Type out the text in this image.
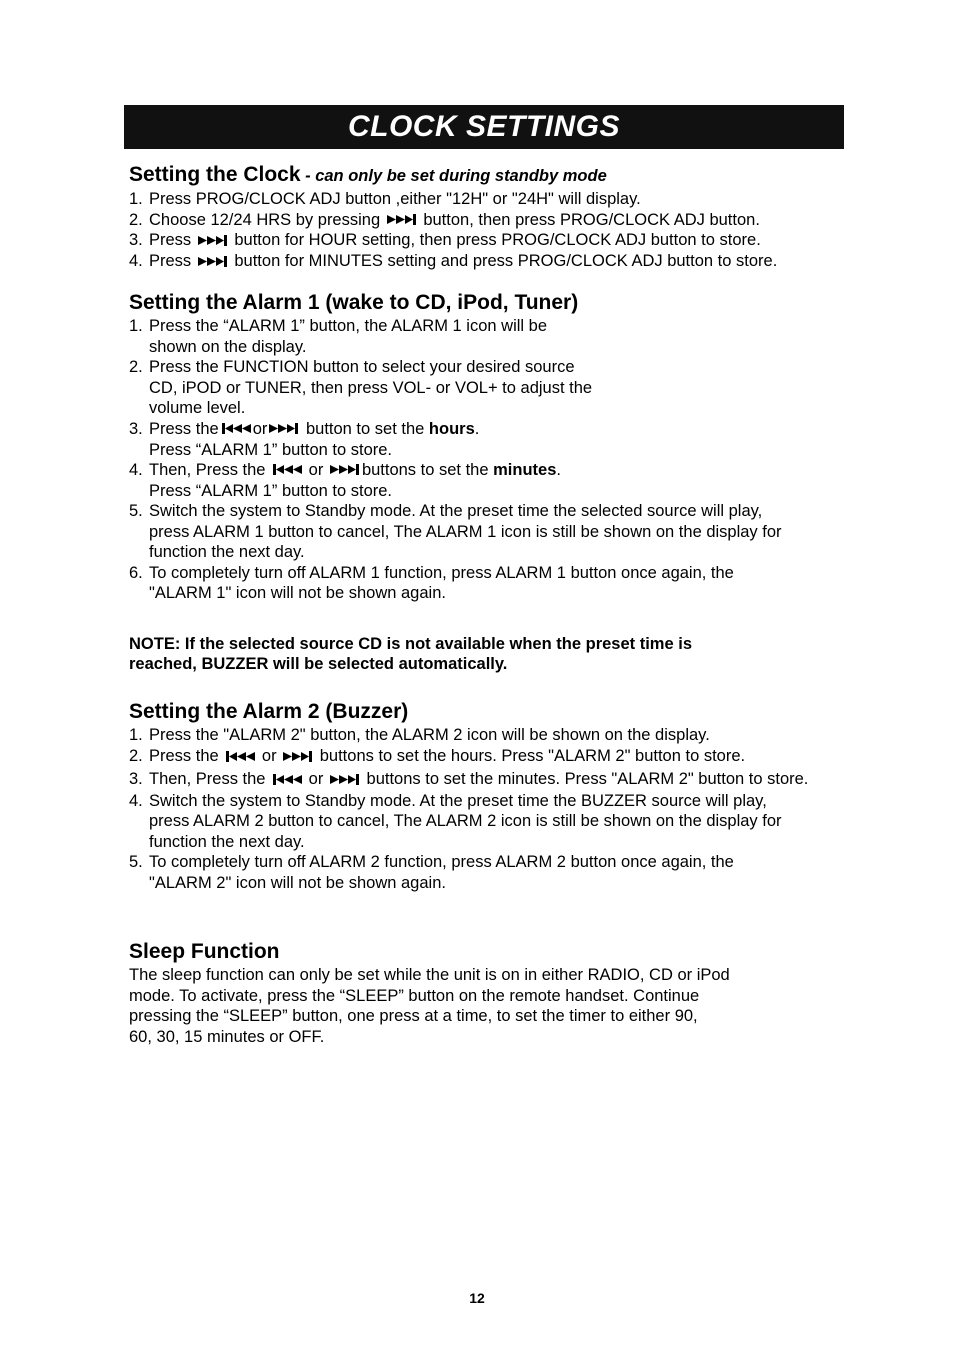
CLOCK SETTINGS
Setting the Clock - can only be set during standby mode
1. Press PROG/CLOCK ADJ button ,either "12H" or "24H" will display.
2. Choose 12/24 HRS by pressing	button, then press PROG/CLOCK ADJ button.
3. Press	button for HOUR setting, then press PROG/CLOCK ADJ button to store.
4. Press	button for MINUTES setting and press PROG/CLOCK ADJ button to store.
Setting the Alarm 1 (wake to CD, iPod, Tuner)
1. Press the “ALARM 1” button, the ALARM 1 icon will be
shown on the display.
2. Press the FUNCTION button to select your desired source
CD, iPOD or TUNER, then press VOL- or VOL+ to adjust the
volume level.
3. Press the or button to set the hours.
Press “ALARM 1” button to store.
4. Then, Press the	or buttons to set the minutes.
Press “ALARM 1” button to store.
5. Switch the system to Standby mode. At the preset time the selected source will play,
press ALARM 1 button to cancel, The ALARM 1 icon is still be shown on the display for
function the next day.
6. To completely turn off ALARM 1 function, press ALARM 1 button once again, the
"ALARM 1" icon will not be shown again.

NOTE: If the selected source CD is not available when the preset time is
reached, BUZZER will be selected automatically.

Setting the Alarm 2 (Buzzer)
1. Press the "ALARM 2" button, the ALARM 2 icon will be shown on the display.
2. Press the	or	buttons to set the hours. Press "ALARM 2" button to store.
3. Then, Press the	or	buttons to set the minutes. Press "ALARM 2" button to store.
4. Switch the system to Standby mode. At the preset time the BUZZER source will play,
press ALARM 2 button to cancel, The ALARM 2 icon is still be shown on the display for
function the next day.
5. To completely turn off ALARM 2 function, press ALARM 2 button once again, the
"ALARM 2" icon will not be shown again.
Sleep Function

The sleep function can only be set while the unit is on in either RADIO, CD or iPod
mode. To activate, press the “SLEEP” button on the remote handset. Continue
pressing the “SLEEP” button, one press at a time, to set the timer to either 90,
60, 30, 15 minutes or OFF.

12
